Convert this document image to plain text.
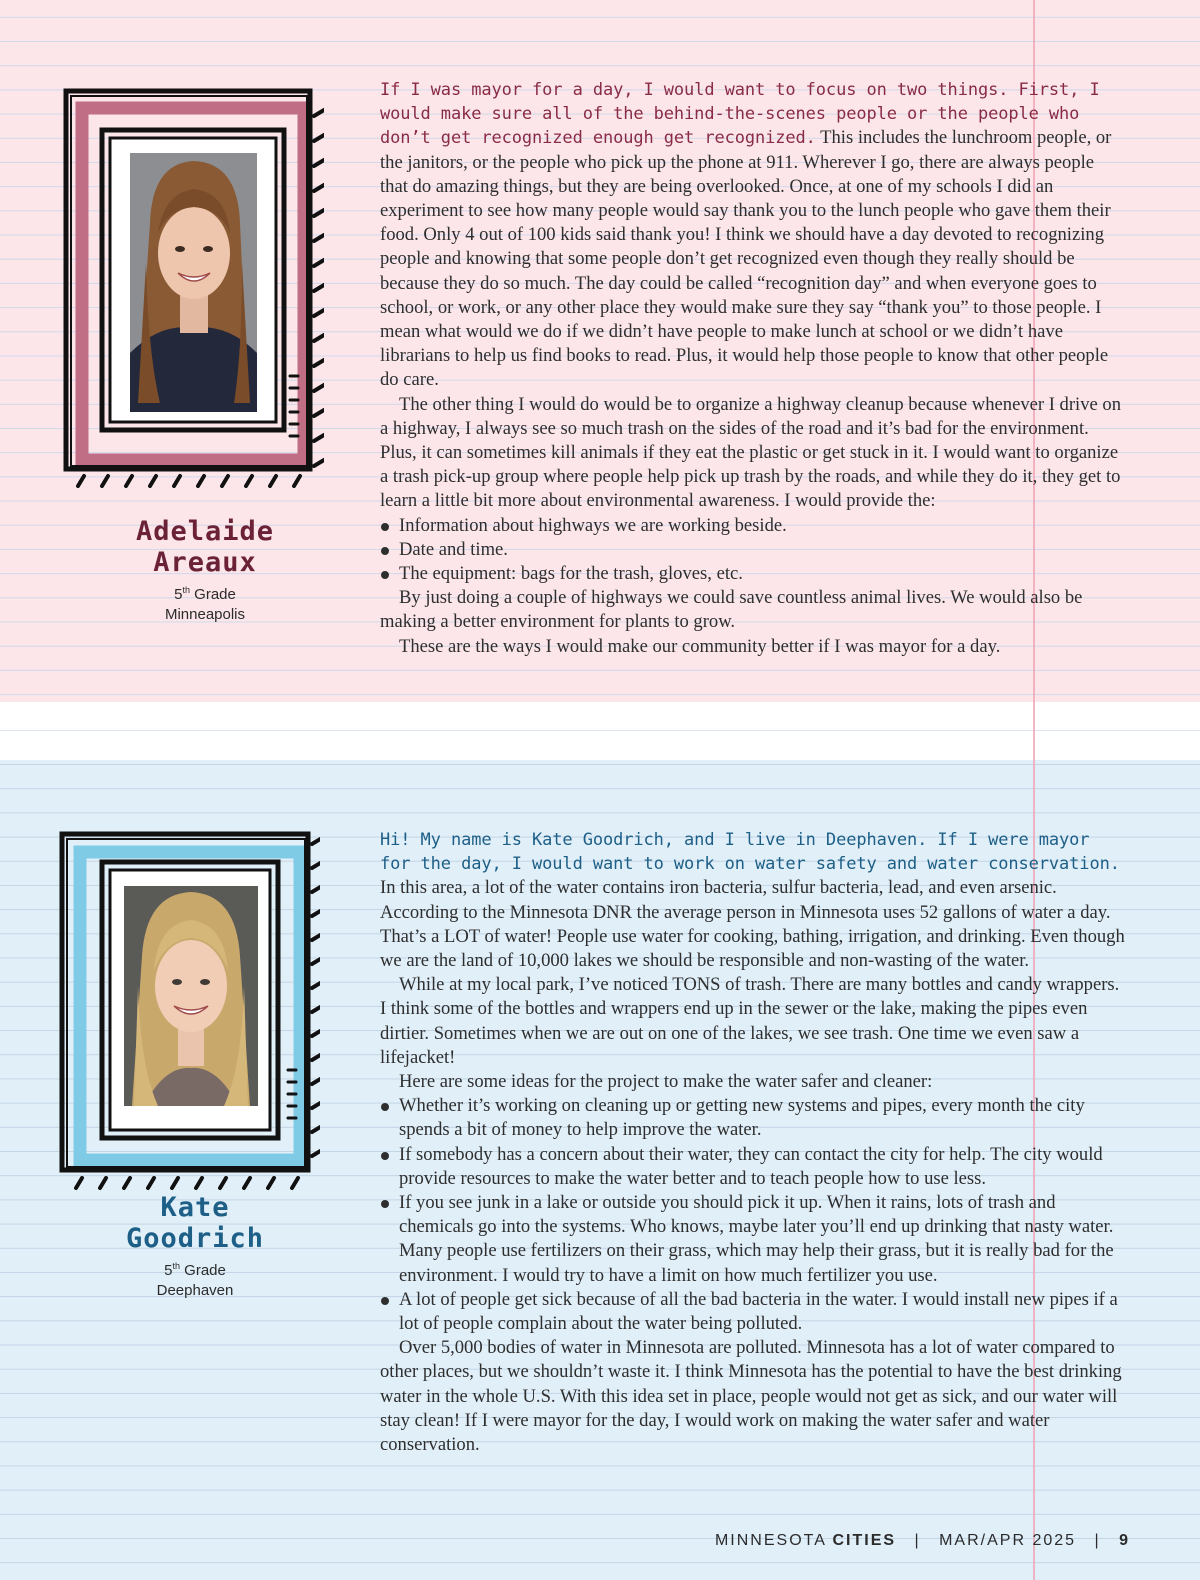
Adelaide
Areaux
5th Grade
Minneapolis

If I was mayor for a day, I would want to focus on two things. First, I would make sure all of the behind-the-scenes people or the people who don’t get recognized enough get recognized. This includes the lunchroom people, or the janitors, or the people who pick up the phone at 911. Wherever I go, there are always people that do amazing things, but they are being overlooked. Once, at one of my schools I did an experiment to see how many people would say thank you to the lunch people who gave them their food. Only 4 out of 100 kids said thank you! I think we should have a day devoted to recognizing people and knowing that some people don’t get recognized even though they really should be because they do so much. The day could be called “recognition day” and when everyone goes to school, or work, or any other place they would make sure they say “thank you” to those people. I mean what would we do if we didn’t have people to make lunch at school or we didn’t have librarians to help us find books to read. Plus, it would help those people to know that other people do care.

The other thing I would do would be to organize a highway cleanup because whenever I drive on a highway, I always see so much trash on the sides of the road and it’s bad for the environment. Plus, it can sometimes kill animals if they eat the plastic or get stuck in it. I would want to organize a trash pick-up group where people help pick up trash by the roads, and while they do it, they get to learn a little bit more about environmental awareness. I would provide the:

Information about highways we are working beside.
Date and time.
The equipment: bags for the trash, gloves, etc.

By just doing a couple of highways we could save countless animal lives. We would also be making a better environment for plants to grow.

These are the ways I would make our community better if I was mayor for a day.

Kate
Goodrich
5th Grade
Deephaven

Hi! My name is Kate Goodrich, and I live in Deephaven. If I were mayor for the day, I would want to work on water safety and water conservation. In this area, a lot of the water contains iron bacteria, sulfur bacteria, lead, and even arsenic. According to the Minnesota DNR the average person in Minnesota uses 52 gallons of water a day. That’s a LOT of water! People use water for cooking, bathing, irrigation, and drinking. Even though we are the land of 10,000 lakes we should be responsible and non-wasting of the water.

While at my local park, I’ve noticed TONS of trash. There are many bottles and candy wrappers. I think some of the bottles and wrappers end up in the sewer or the lake, making the pipes even dirtier. Sometimes when we are out on one of the lakes, we see trash. One time we even saw a lifejacket!

Here are some ideas for the project to make the water safer and cleaner:

Whether it’s working on cleaning up or getting new systems and pipes, every month the city spends a bit of money to help improve the water.
If somebody has a concern about their water, they can contact the city for help. The city would provide resources to make the water better and to teach people how to use less.
If you see junk in a lake or outside you should pick it up. When it rains, lots of trash and chemicals go into the systems. Who knows, maybe later you’ll end up drinking that nasty water. Many people use fertilizers on their grass, which may help their grass, but it is really bad for the environment. I would try to have a limit on how much fertilizer you use.
A lot of people get sick because of all the bad bacteria in the water. I would install new pipes if a lot of people complain about the water being polluted.

Over 5,000 bodies of water in Minnesota are polluted. Minnesota has a lot of water compared to other places, but we shouldn’t waste it. I think Minnesota has the potential to have the best drinking water in the whole U.S. With this idea set in place, people would not get as sick, and our water will stay clean! If I were mayor for the day, I would work on making the water safer and water conservation.

MINNESOTA CITIES | MAR/APR 2025 | 9
